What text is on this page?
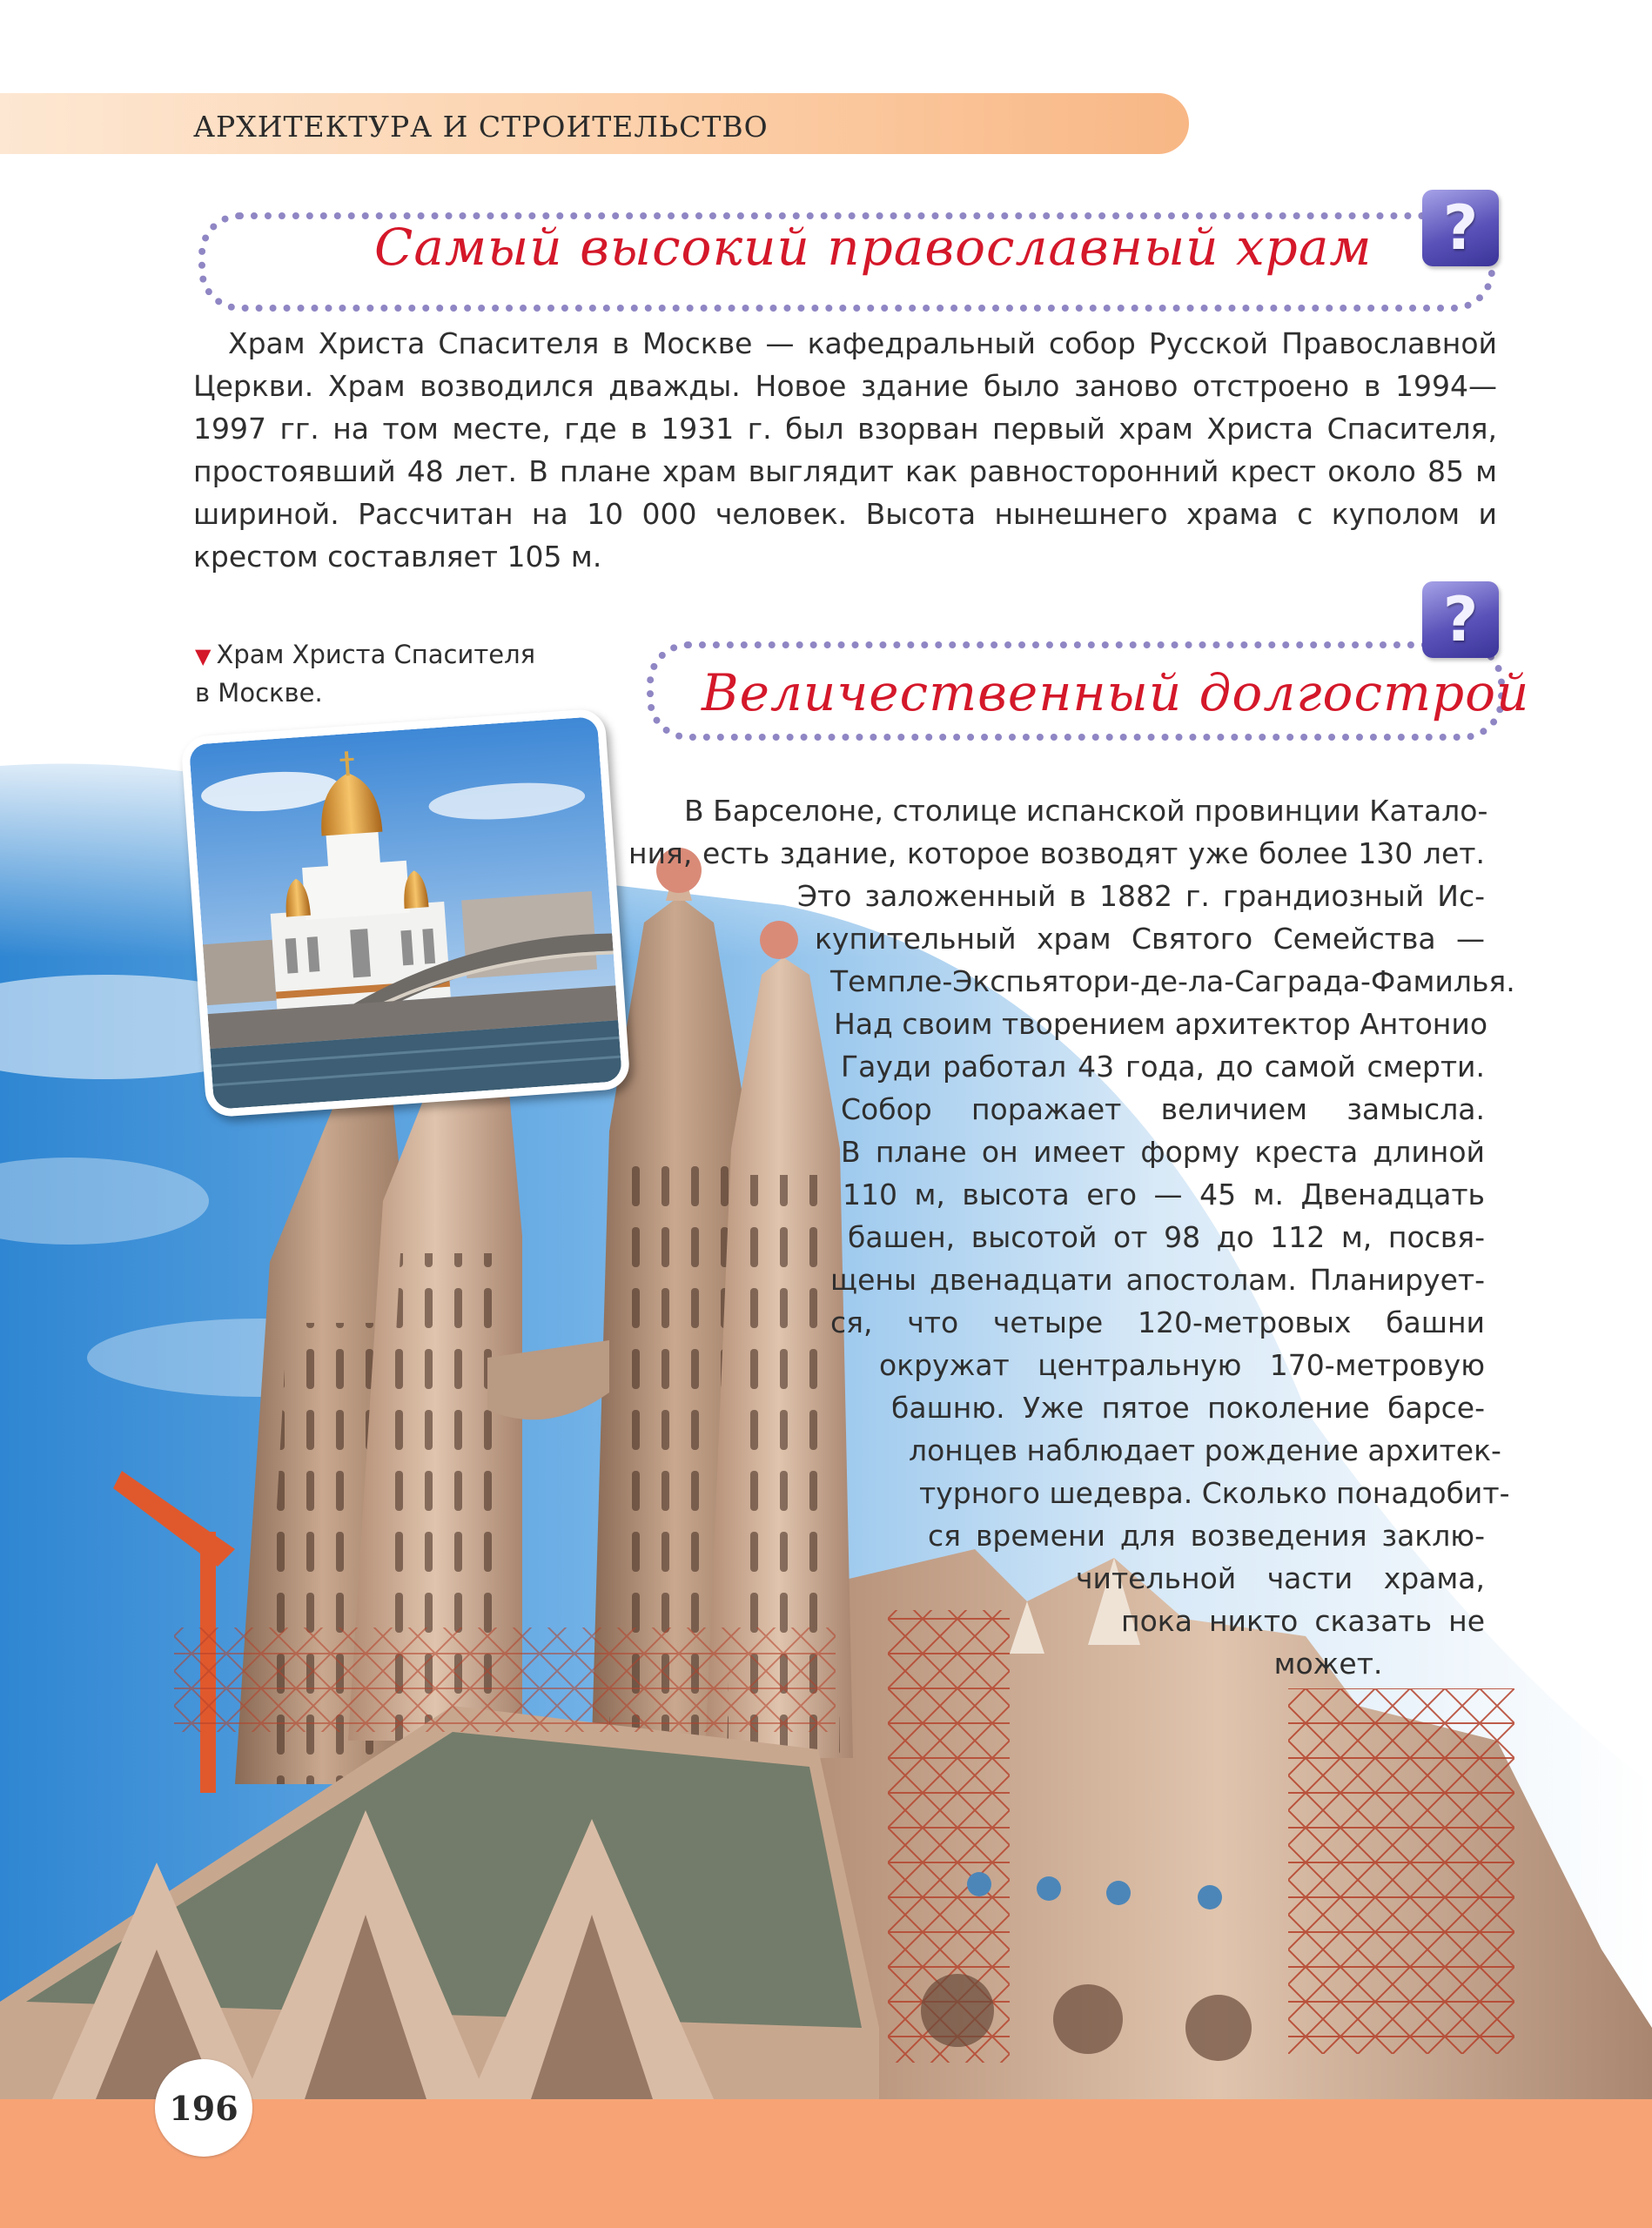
АРХИТЕКТУРА И СТРОИТЕЛЬСТВО
Самый высокий православный храм ?
Храм Христа Спасителя в Москве — кафедральный собор Русской Православной
Церкви. Храм возводился дважды. Новое здание было заново отстроено в 1994—
1997 гг. на том месте, где в 1931 г. был взорван первый храм Христа Спасителя,
простоявший 48 лет. В плане храм выглядит как равносторонний крест около 85 м
шириной. Рассчитан на 10 000 человек. Высота нынешнего храма с куполом и
крестом составляет 105 м.
▼ Храм Христа Спасителя
в Москве.	Величественный долгострой
?
В Барселоне, столице испанской провинции Катало-
ния, есть здание, которое возводят уже более 130 лет.
Это заложенный в 1882 г. грандиозный Ис-
купительный храм Святого Семейства —
Темпле-Экспьятори-де-ла-Саграда-Фамилья.
Над своим творением архитектор Антонио
Гауди работал 43 года, до самой смерти.
Собор поражает величием замысла.
В плане он имеет форму креста длиной
110 м, высота его — 45 м. Двенадцать
башен, высотой от 98 до 112 м, посвя-
щены двенадцати апостолам. Планирует-
ся, что четыре 120-метровых башни
окружат центральную 170-метровую
башню. Уже пятое поколение барсе-
лонцев наблюдает рождение архитек-
турного шедевра. Сколько понадобит-
ся времени для возведения заклю-
чительной части храма,
пока никто сказать не
может.
196
